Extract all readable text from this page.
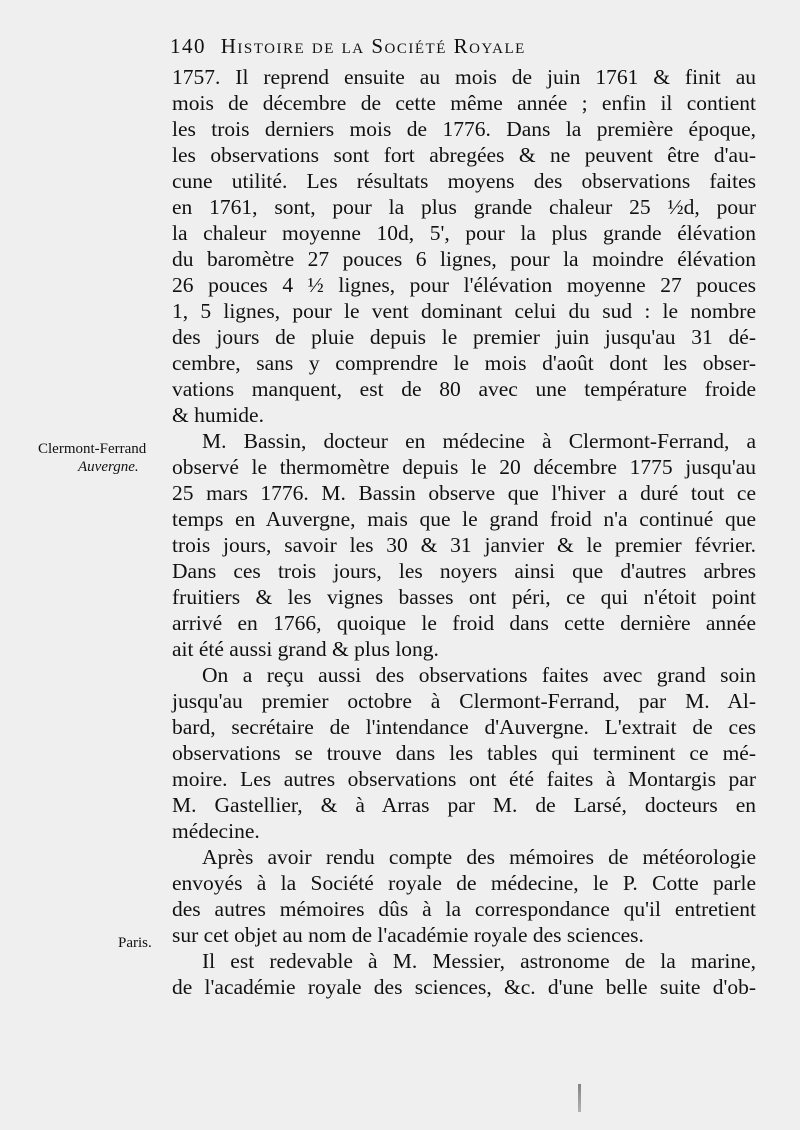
140 Histoire de la Société Royale
Clermont-Ferrand
Auvergne.
Paris.
1757. Il reprend ensuite au mois de juin 1761 & finit au
mois de décembre de cette même année ; enfin il contient
les trois derniers mois de 1776. Dans la première époque,
les observations sont fort abregées & ne peuvent être d'au-
cune utilité. Les résultats moyens des observations faites
en 1761, sont, pour la plus grande chaleur 25 ½d, pour
la chaleur moyenne 10d, 5', pour la plus grande élévation
du baromètre 27 pouces 6 lignes, pour la moindre élévation
26 pouces 4 ½ lignes, pour l'élévation moyenne 27 pouces
1, 5 lignes, pour le vent dominant celui du sud : le nombre
des jours de pluie depuis le premier juin jusqu'au 31 dé-
cembre, sans y comprendre le mois d'août dont les obser-
vations manquent, est de 80 avec une température froide
& humide.
M. Bassin, docteur en médecine à Clermont-Ferrand, a
observé le thermomètre depuis le 20 décembre 1775 jusqu'au
25 mars 1776. M. Bassin observe que l'hiver a duré tout ce
temps en Auvergne, mais que le grand froid n'a continué que
trois jours, savoir les 30 & 31 janvier & le premier février.
Dans ces trois jours, les noyers ainsi que d'autres arbres
fruitiers & les vignes basses ont péri, ce qui n'étoit point
arrivé en 1766, quoique le froid dans cette dernière année
ait été aussi grand & plus long.
On a reçu aussi des observations faites avec grand soin
jusqu'au premier octobre à Clermont-Ferrand, par M. Al-
bard, secrétaire de l'intendance d'Auvergne. L'extrait de ces
observations se trouve dans les tables qui terminent ce mé-
moire. Les autres observations ont été faites à Montargis par
M. Gastellier, & à Arras par M. de Larsé, docteurs en
médecine.
Après avoir rendu compte des mémoires de météorologie
envoyés à la Société royale de médecine, le P. Cotte parle
des autres mémoires dûs à la correspondance qu'il entretient
sur cet objet au nom de l'académie royale des sciences.
Il est redevable à M. Messier, astronome de la marine,
de l'académie royale des sciences, &c. d'une belle suite d'ob-
